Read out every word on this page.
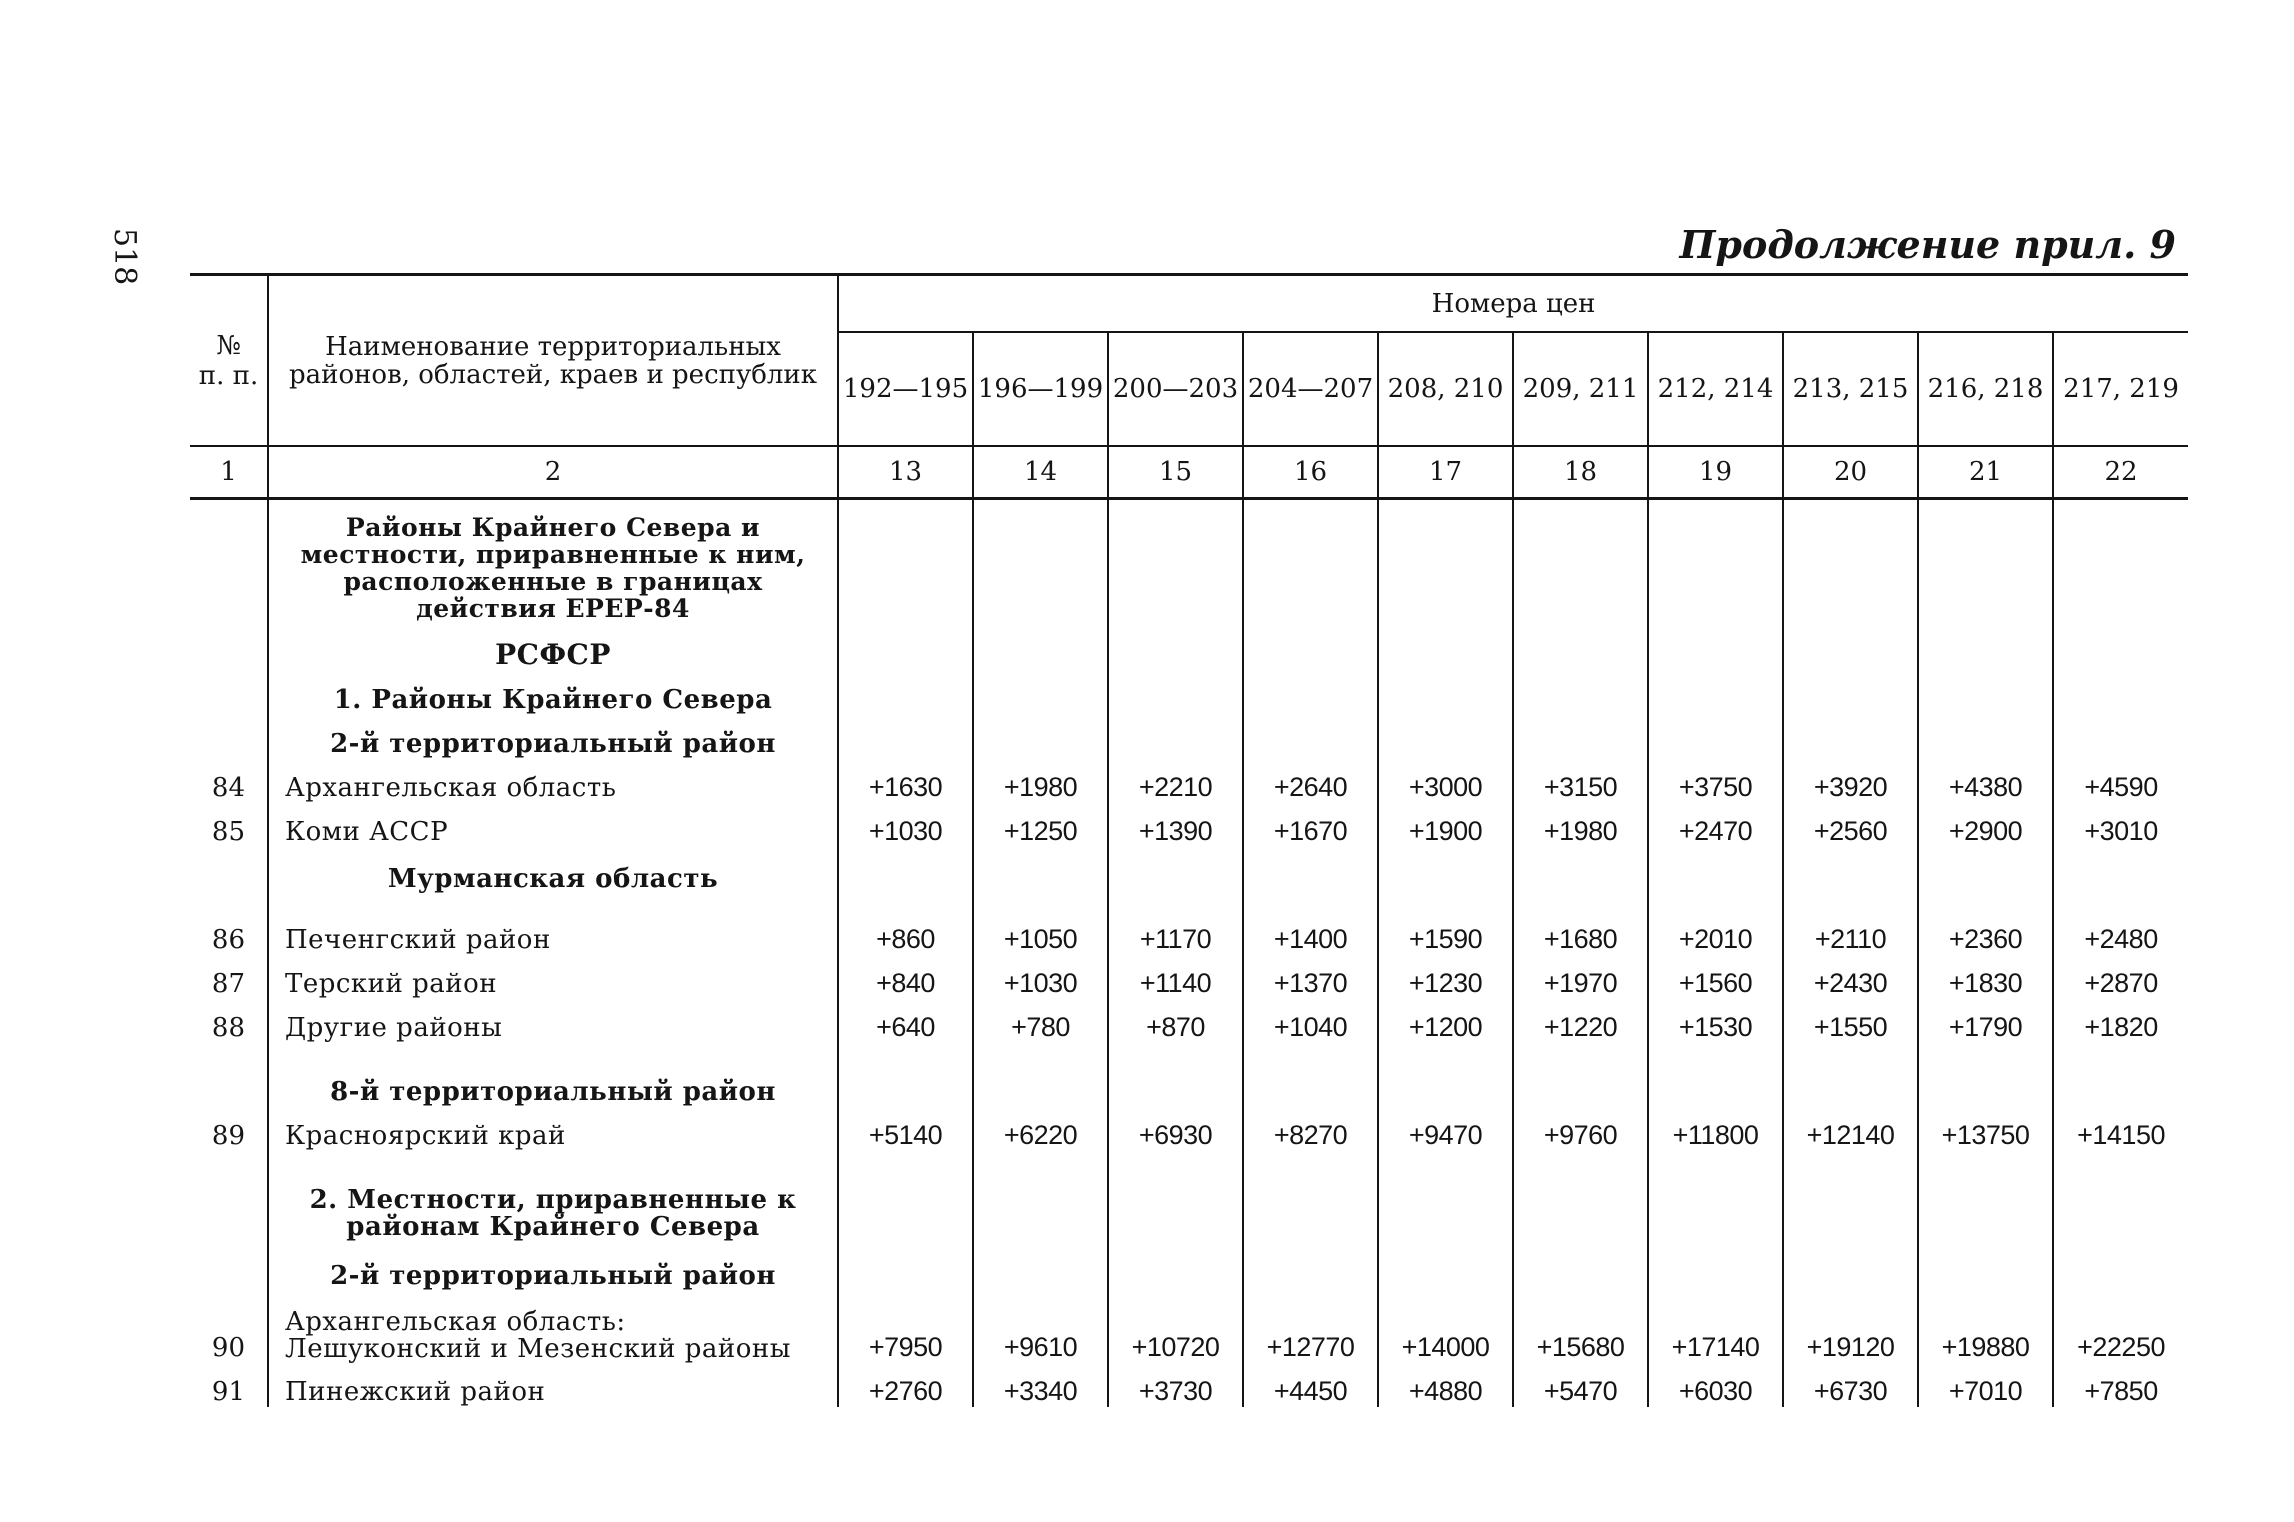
518	Продолжение прил. 9
№
п. п.	Наименование территориальных районов, областей, краев и республик	Номера цен									
		192—195	196—199	200—203	204—207	208, 210	209, 211	212, 214	213, 215	216, 218	217, 219
1	2	13	14	15	16	17	18	19	20	21	22
	Районы Крайнего Севера и местности, приравненные к ним, расположенные в границах действия ЕРЕР-84										
	РСФСР										
	1. Районы Крайнего Севера										
	2-й территориальный район										
84	Архангельская область	+1630	+1980	+2210	+2640	+3000	+3150	+3750	+3920	+4380	+4590
85	Коми АССР	+1030	+1250	+1390	+1670	+1900	+1980	+2470	+2560	+2900	+3010
	Мурманская область										
86	Печенгский район	+860	+1050	+1170	+1400	+1590	+1680	+2010	+2110	+2360	+2480
87	Терский район	+840	+1030	+1140	+1370	+1230	+1970	+1560	+2430	+1830	+2870
88	Другие районы	+640	+780	+870	+1040	+1200	+1220	+1530	+1550	+1790	+1820
	8-й территориальный район										
89	Красноярский край	+5140	+6220	+6930	+8270	+9470	+9760	+11800	+12140	+13750	+14150
	2. Местности, приравненные к районам Крайнего Севера										
	2-й территориальный район										
90	Архангельская область:
Лешуконский и Мезенский районы	+7950	+9610	+10720	+12770	+14000	+15680	+17140	+19120	+19880	+22250
91	Пинежский район	+2760	+3340	+3730	+4450	+4880	+5470	+6030	+6730	+7010	+7850
